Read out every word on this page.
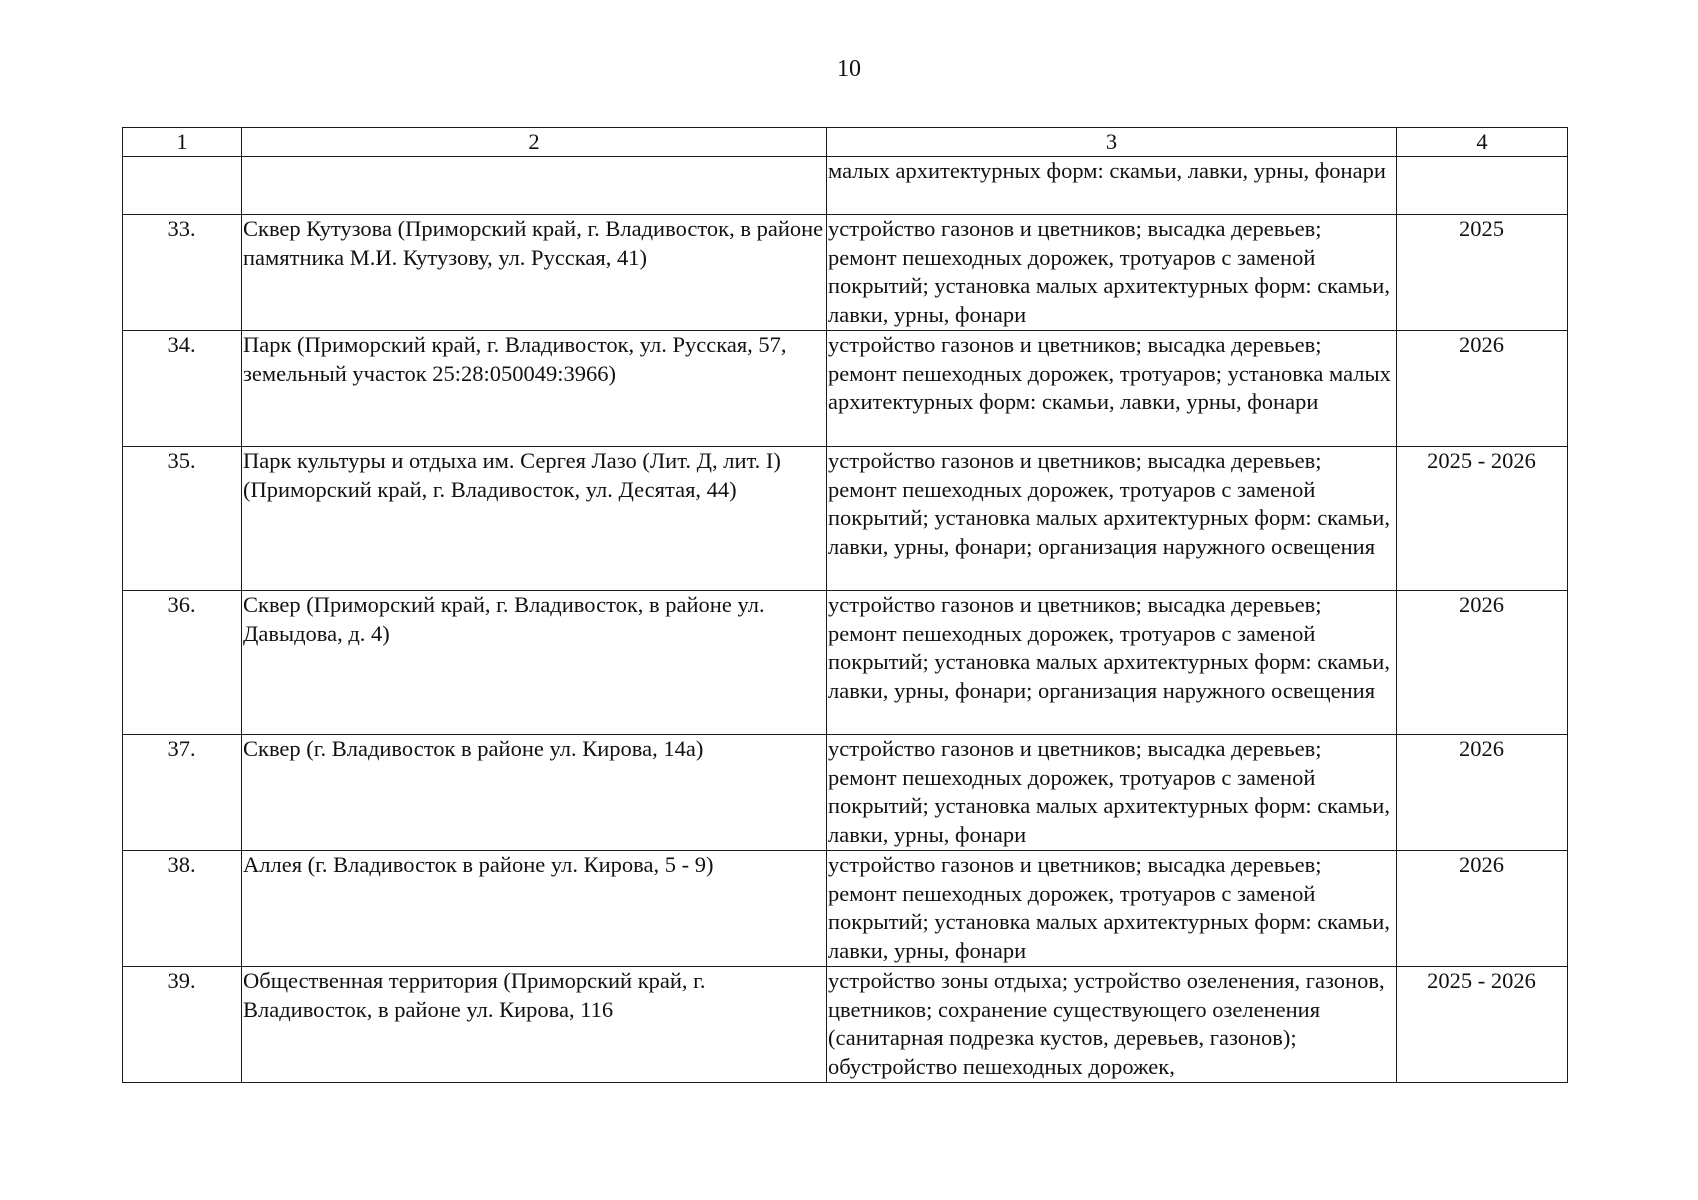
10
1	2	3	4
		малых архитектурных форм: скамьи, лавки, урны, фонари	
33.	Сквер Кутузова (Приморский край, г. Владивосток, в районе памятника М.И. Кутузову, ул. Русская, 41)	устройство газонов и цветников; высадка деревьев; ремонт пешеходных дорожек, тротуаров с заменой покрытий; установка малых архитектурных форм: скамьи, лавки, урны, фонари	2025
34.	Парк (Приморский край, г. Владивосток, ул. Русская, 57, земельный участок 25:28:050049:3966)	устройство газонов и цветников; высадка деревьев; ремонт пешеходных дорожек, тротуаров; установка малых архитектурных форм: скамьи, лавки, урны, фонари	2026
35.	Парк культуры и отдыха им. Сергея Лазо (Лит. Д, лит. I) (Приморский край, г. Владивосток, ул. Десятая, 44)	устройство газонов и цветников; высадка деревьев; ремонт пешеходных дорожек, тротуаров с заменой покрытий; установка малых архитектурных форм: скамьи, лавки, урны, фонари; организация наружного освещения	2025 - 2026
36.	Сквер (Приморский край, г. Владивосток, в районе ул. Давыдова, д. 4)	устройство газонов и цветников; высадка деревьев; ремонт пешеходных дорожек, тротуаров с заменой покрытий; установка малых архитектурных форм: скамьи, лавки, урны, фонари; организация наружного освещения	2026
37.	Сквер (г. Владивосток в районе ул. Кирова, 14а)	устройство газонов и цветников; высадка деревьев; ремонт пешеходных дорожек, тротуаров с заменой покрытий; установка малых архитектурных форм: скамьи, лавки, урны, фонари	2026
38.	Аллея (г. Владивосток в районе ул. Кирова, 5 - 9)	устройство газонов и цветников; высадка деревьев; ремонт пешеходных дорожек, тротуаров с заменой покрытий; установка малых архитектурных форм: скамьи, лавки, урны, фонари	2026
39.	Общественная территория (Приморский край, г. Владивосток, в районе ул. Кирова, 116	устройство зоны отдыха; устройство озеленения, газонов, цветников; сохранение существующего озеленения (санитарная подрезка кустов, деревьев, газонов); обустройство пешеходных дорожек,	2025 - 2026
